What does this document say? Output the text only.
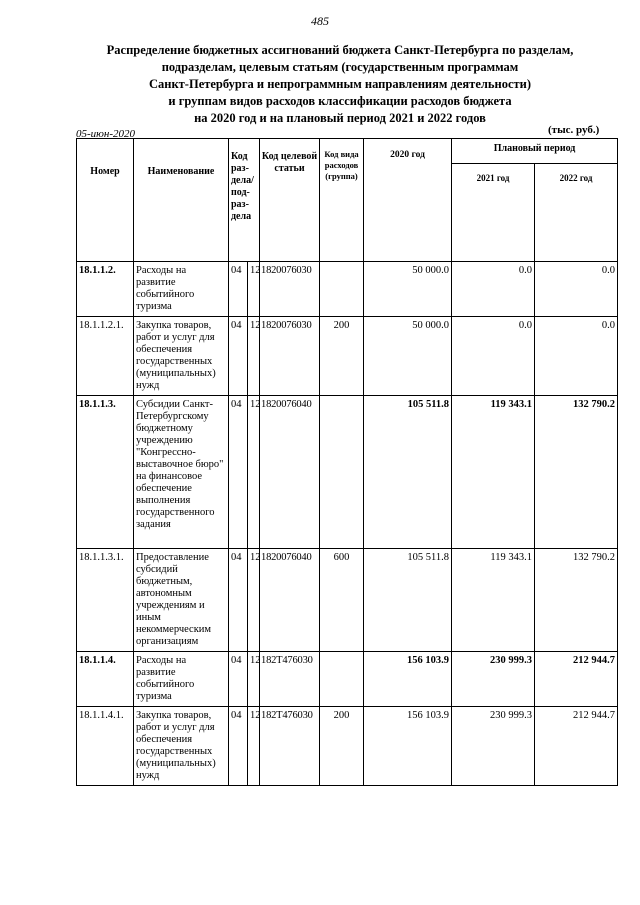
485
Распределение бюджетных ассигнований бюджета Санкт-Петербурга по разделам,
подразделам, целевым статьям (государственным программам
Санкт-Петербурга и непрограммным направлениям деятельности)
и группам видов расходов классификации расходов бюджета
на 2020 год и на плановый период 2021 и 2022 годов
05-июн-2020	(тыс. руб.)
Номер	Наименование	Код раз-дела/ под-раз-дела		Код целевой статьи	Код вида расходов (группа)	2020 год	Плановый период	

							2021 год	2022 год

18.1.1.2.	Расходы на развитие событийного туризма	04	12	1820076030		50 000.0	0.0	0.0

18.1.1.2.1.	Закупка товаров, работ и услуг для обеспечения государственных (муниципальных) нужд	04	12	1820076030	200	50 000.0	0.0	0.0

18.1.1.3.	Субсидии Санкт-Петербургскому бюджетному учреждению "Конгрессно-выставочное бюро" на финансовое обеспечение выполнения государственного задания	04	12	1820076040		105 511.8	119 343.1	132 790.2

18.1.1.3.1.	Предоставление субсидий бюджетным, автономным учреждениям и иным некоммерческим организациям	04	12	1820076040	600	105 511.8	119 343.1	132 790.2

18.1.1.4.	Расходы на развитие событийного туризма	04	12	182Т476030		156 103.9	230 999.3	212 944.7

18.1.1.4.1.	Закупка товаров, работ и услуг для обеспечения государственных (муниципальных) нужд	04	12	182Т476030	200	156 103.9	230 999.3	212 944.7
